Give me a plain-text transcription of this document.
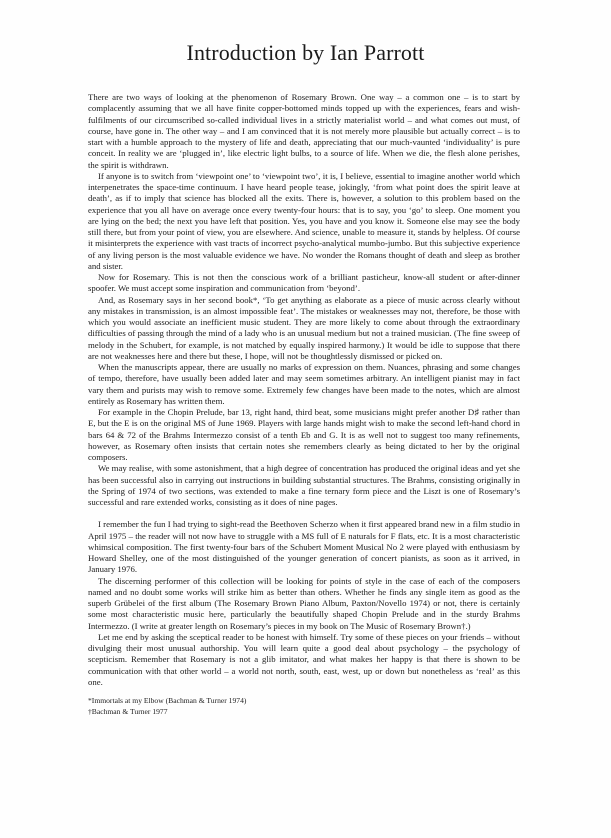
Introduction by Ian Parrott

There are two ways of looking at the phenomenon of Rosemary Brown. One way – a common one – is to start by complacently assuming that we all have finite copper-bottomed minds topped up with the experiences, fears and wish-fulfilments of our circumscribed so-called individual lives in a strictly materialist world – and what comes out must, of course, have gone in. The other way – and I am convinced that it is not merely more plausible but actually correct – is to start with a humble approach to the mystery of life and death, appreciating that our much-vaunted ‘individuality’ is pure conceit. In reality we are ‘plugged in’, like electric light bulbs, to a source of life. When we die, the flesh alone perishes, the spirit is withdrawn.

If anyone is to switch from ‘viewpoint one’ to ‘viewpoint two’, it is, I believe, essential to imagine another world which interpenetrates the space-time continuum. I have heard people tease, jokingly, ‘from what point does the spirit leave at death’, as if to imply that science has blocked all the exits. There is, however, a solution to this problem based on the experience that you all have on average once every twenty-four hours: that is to say, you ‘go’ to sleep. One moment you are lying on the bed; the next you have left that position. Yes, you have and you know it. Someone else may see the body still there, but from your point of view, you are elsewhere. And science, unable to measure it, stands by helpless. Of course it misinterprets the experience with vast tracts of incorrect psycho-analytical mumbo-jumbo. But this subjective experience of any living person is the most valuable evidence we have. No wonder the Romans thought of death and sleep as brother and sister.

Now for Rosemary. This is not then the conscious work of a brilliant pasticheur, know-all student or after-dinner spoofer. We must accept some inspiration and communication from ‘beyond’.

And, as Rosemary says in her second book*, ‘To get anything as elaborate as a piece of music across clearly without any mistakes in transmission, is an almost impossible feat’. The mistakes or weaknesses may not, therefore, be those with which you would associate an inefficient music student. They are more likely to come about through the extraordinary difficulties of passing through the mind of a lady who is an unusual medium but not a trained musician. (The fine sweep of melody in the Schubert, for example, is not matched by equally inspired harmony.) It would be idle to suppose that there are not weaknesses here and there but these, I hope, will not be thoughtlessly dismissed or picked on.

When the manuscripts appear, there are usually no marks of expression on them. Nuances, phrasing and some changes of tempo, therefore, have usually been added later and may seem sometimes arbitrary. An intelligent pianist may in fact vary them and purists may wish to remove some. Extremely few changes have been made to the notes, which are almost entirely as Rosemary has written them.

For example in the Chopin Prelude, bar 13, right hand, third beat, some musicians might prefer another D♯ rather than E, but the E is on the original MS of June 1969. Players with large hands might wish to make the second left-hand chord in bars 64 & 72 of the Brahms Intermezzo consist of a tenth Eb and G. It is as well not to suggest too many refinements, however, as Rosemary often insists that certain notes she remembers clearly as being dictated to her by the original composers.

We may realise, with some astonishment, that a high degree of concentration has produced the original ideas and yet she has been successful also in carrying out instructions in building substantial structures. The Brahms, consisting originally in the Spring of 1974 of two sections, was extended to make a fine ternary form piece and the Liszt is one of Rosemary’s successful and rare extended works, consisting as it does of nine pages.

I remember the fun I had trying to sight-read the Beethoven Scherzo when it first appeared brand new in a film studio in April 1975 – the reader will not now have to struggle with a MS full of E naturals for F flats, etc. It is a most characteristic whimsical composition. The first twenty-four bars of the Schubert Moment Musical No 2 were played with enthusiasm by Howard Shelley, one of the most distinguished of the younger generation of concert pianists, as soon as it arrived, in January 1976.

The discerning performer of this collection will be looking for points of style in the case of each of the composers named and no doubt some works will strike him as better than others. Whether he finds any single item as good as the superb Grübelei of the first album (The Rosemary Brown Piano Album, Paxton/Novello 1974) or not, there is certainly some most characteristic music here, particularly the beautifully shaped Chopin Prelude and in the sturdy Brahms Intermezzo. (I write at greater length on Rosemary’s pieces in my book on The Music of Rosemary Brown†.)

Let me end by asking the sceptical reader to be honest with himself. Try some of these pieces on your friends – without divulging their most unusual authorship. You will learn quite a good deal about psychology – the psychology of scepticism. Remember that Rosemary is not a glib imitator, and what makes her happy is that there is shown to be communication with that other world – a world not north, south, east, west, up or down but nonetheless as ‘real’ as this one.

*Immortals at my Elbow (Bachman & Turner 1974)

†Bachman & Turner 1977
